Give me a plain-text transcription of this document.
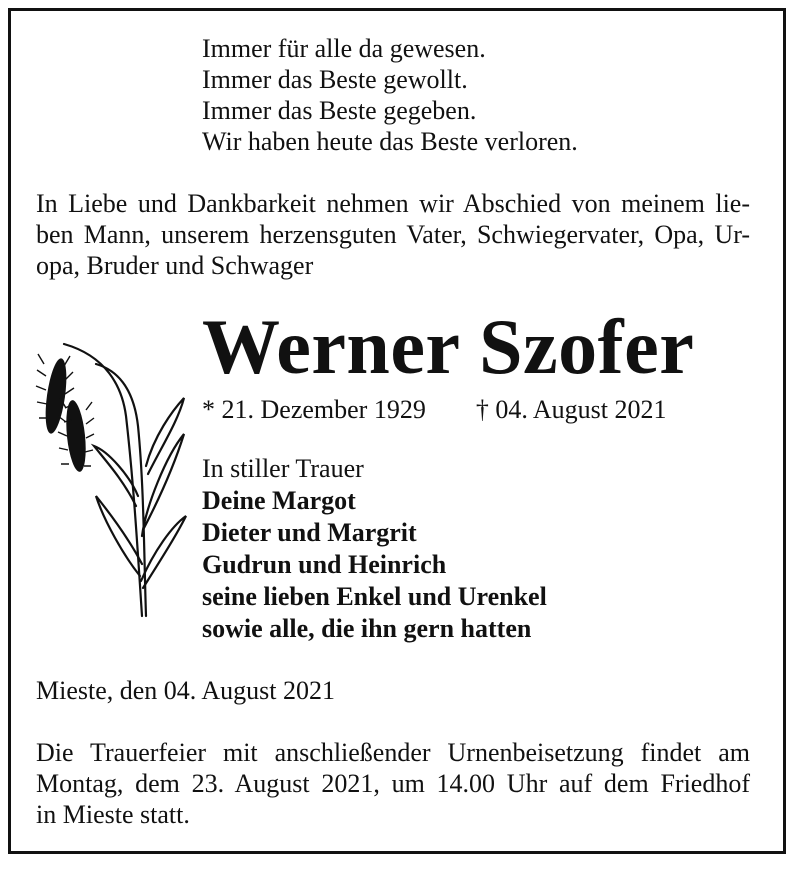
Immer für alle da gewesen.
Immer das Beste gewollt.
Immer das Beste gegeben.
Wir haben heute das Beste verloren.
In Liebe und Dankbarkeit nehmen wir Abschied von meinem lie-
ben Mann, unserem herzensguten Vater, Schwiegervater, Opa, Ur-
opa, Bruder und Schwager
Werner Szofer
* 21. Dezember 1929 † 04. August 2021
In stiller Trauer
Deine Margot
Dieter und Margrit
Gudrun und Heinrich
seine lieben Enkel und Urenkel
sowie alle, die ihn gern hatten
Mieste, den 04. August 2021
Die Trauerfeier mit anschließender Urnenbeisetzung findet am
Montag, dem 23. August 2021, um 14.00 Uhr auf dem Friedhof
in Mieste statt.
